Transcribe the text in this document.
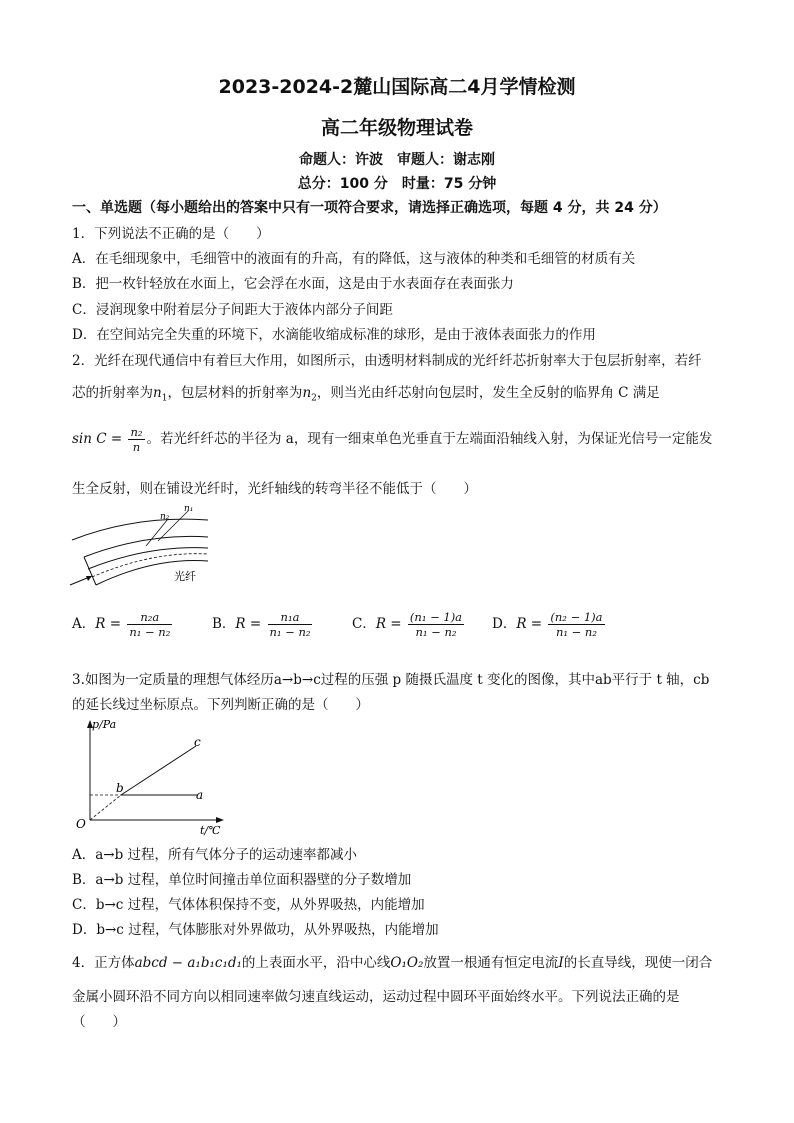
2023-2024-2麓山国际高二4月学情检测
高二年级物理试卷
命题人：许波　审题人：谢志刚
总分：100 分　时量：75 分钟
一、单选题（每小题给出的答案中只有一项符合要求，请选择正确选项，每题 4 分，共 24 分）
1．下列说法不正确的是（　　）
A．在毛细现象中，毛细管中的液面有的升高，有的降低，这与液体的种类和毛细管的材质有关
B．把一枚针轻放在水面上，它会浮在水面，这是由于水表面存在表面张力
C．浸润现象中附着层分子间距大于液体内部分子间距
D．在空间站完全失重的环境下，水滴能收缩成标准的球形，是由于液体表面张力的作用
2．光纤在现代通信中有着巨大作用，如图所示，由透明材料制成的光纤纤芯折射率大于包层折射率，若纤
芯的折射率为$n_1$，包层材料的折射率为$n_2$，则当光由纤芯射向包层时，发生全反射的临界角 C 满足
$\sin C = \frac{\text{n₂}}{n}$ 。若光纤纤芯的半径为 a，现有一细束单色光垂直于左端面沿轴线入射，为保证光信号一定能发
生全反射，则在铺设光纤时，光纤轴线的转弯半径不能低于（　　）
n₂
n₁
光纤
A．$R = \frac{\text{n₂a}}{\text{n₁ − n₂}}$	B．$R = \frac{\text{n₁a}}{\text{n₁ − n₂}}$	C．$R = \frac{\text{(n₁ − 1)a}}{\text{n₁ − n₂}}$ D．$R = \frac{\text{(n₂ − 1)a}}{\text{n₁ − n₂}}$
3.如图为一定质量的理想气体经历a→b→c过程的压强 p 随摄氏温度 t 变化的图像，其中ab平行于 t 轴，cb
的延长线过坐标原点。下列判断正确的是（　　）
p/Pa
t/℃
O
b	a
c
A．a→b 过程，所有气体分子的运动速率都减小
B．a→b 过程，单位时间撞击单位面积器壁的分子数增加
C．b→c 过程，气体体积保持不变，从外界吸热，内能增加
D．b→c 过程，气体膨胀对外界做功，从外界吸热，内能增加
4．正方体abcd − a₁b₁c₁d₁的上表面水平，沿中心线O₁O₂放置一根通有恒定电流I的长直导线，现使一闭合
金属小圆环沿不同方向以相同速率做匀速直线运动，运动过程中圆环平面始终水平。下列说法正确的是
（　　）
